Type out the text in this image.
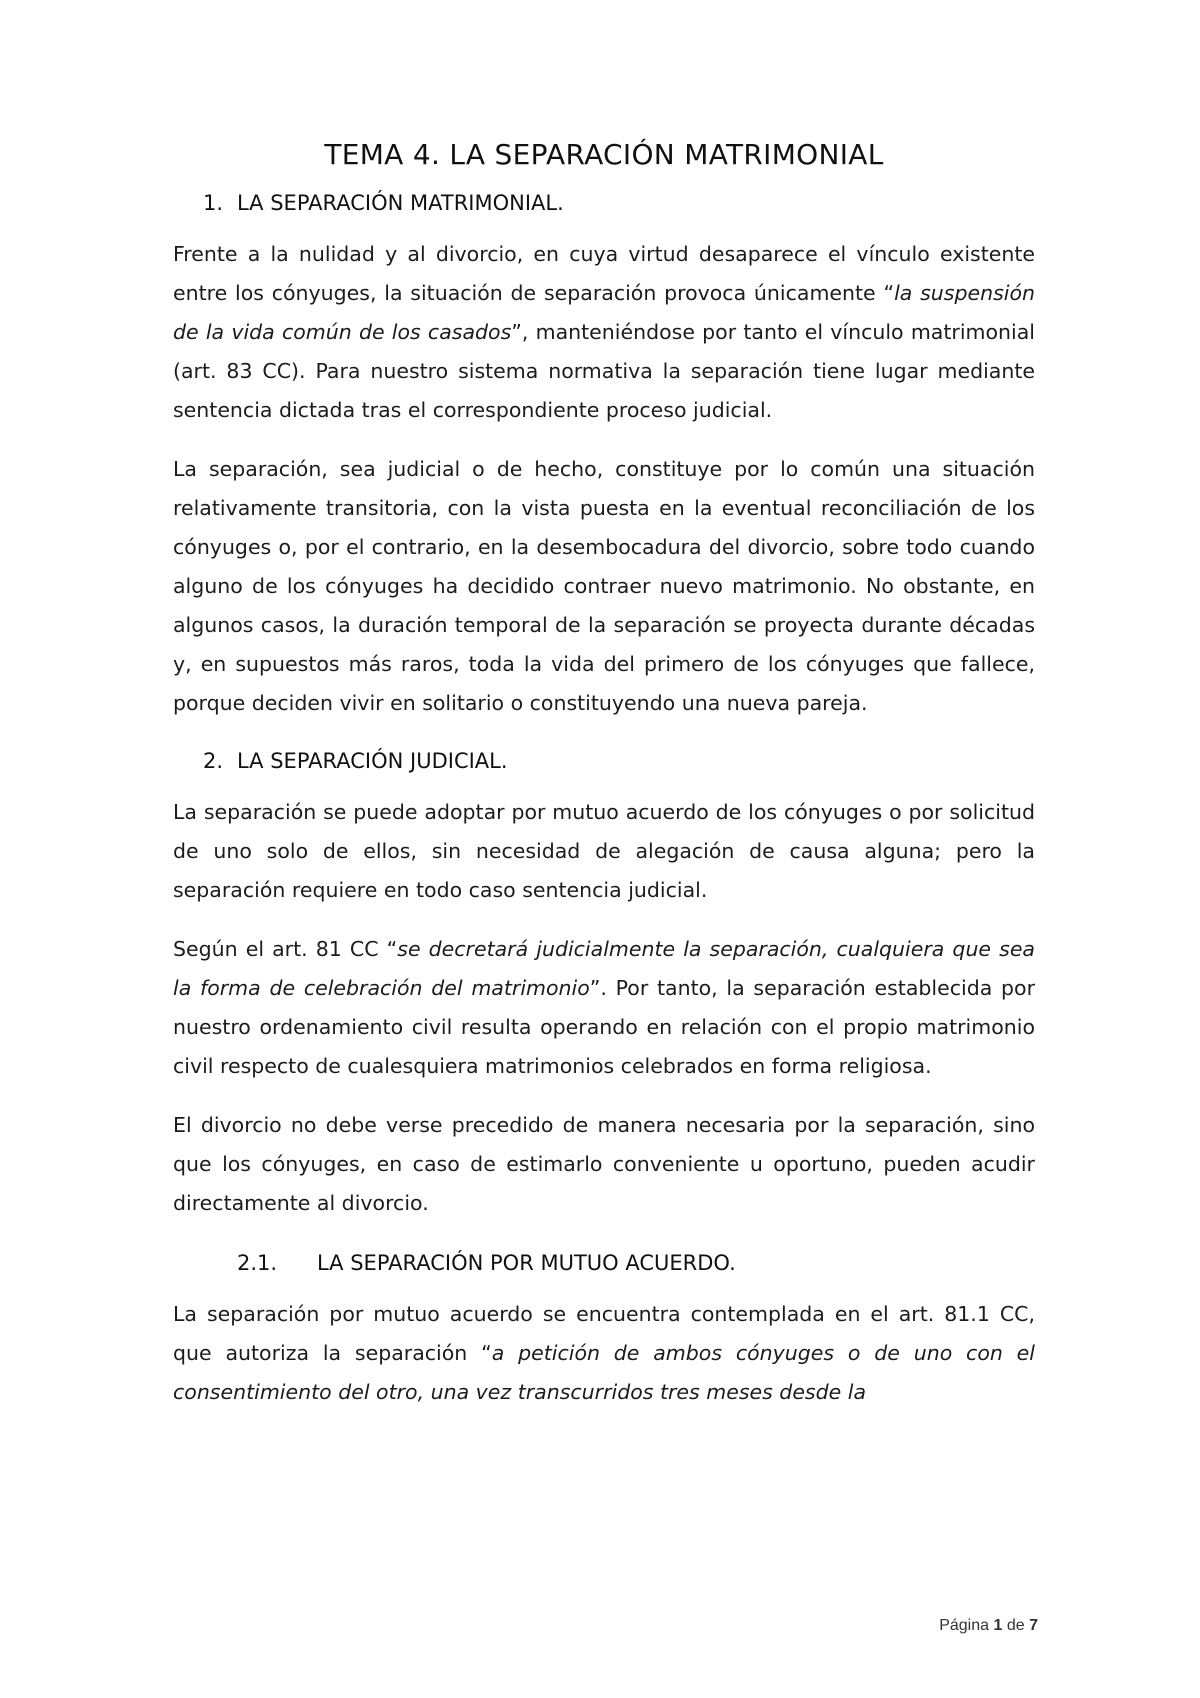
TEMA 4. LA SEPARACIÓN MATRIMONIAL
1. LA SEPARACIÓN MATRIMONIAL.

Frente a la nulidad y al divorcio, en cuya virtud desaparece el vínculo existente entre los cónyuges, la situación de separación provoca únicamente “la suspensión de la vida común de los casados”, manteniéndose por tanto el vínculo matrimonial (art. 83 CC). Para nuestro sistema normativa la separación tiene lugar mediante sentencia dictada tras el correspondiente proceso judicial.

La separación, sea judicial o de hecho, constituye por lo común una situación relativamente transitoria, con la vista puesta en la eventual reconciliación de los cónyuges o, por el contrario, en la desembocadura del divorcio, sobre todo cuando alguno de los cónyuges ha decidido contraer nuevo matrimonio. No obstante, en algunos casos, la duración temporal de la separación se proyecta durante décadas y, en supuestos más raros, toda la vida del primero de los cónyuges que fallece, porque deciden vivir en solitario o constituyendo una nueva pareja.

2. LA SEPARACIÓN JUDICIAL.

La separación se puede adoptar por mutuo acuerdo de los cónyuges o por solicitud de uno solo de ellos, sin necesidad de alegación de causa alguna; pero la separación requiere en todo caso sentencia judicial.

Según el art. 81 CC “se decretará judicialmente la separación, cualquiera que sea la forma de celebración del matrimonio”. Por tanto, la separación establecida por nuestro ordenamiento civil resulta operando en relación con el propio matrimonio civil respecto de cualesquiera matrimonios celebrados en forma religiosa.

El divorcio no debe verse precedido de manera necesaria por la separación, sino que los cónyuges, en caso de estimarlo conveniente u oportuno, pueden acudir directamente al divorcio.

2.1. LA SEPARACIÓN POR MUTUO ACUERDO.

La separación por mutuo acuerdo se encuentra contemplada en el art. 81.1 CC, que autoriza la separación “a petición de ambos cónyuges o de uno con el consentimiento del otro, una vez transcurridos tres meses desde la

Página 1 de 7
